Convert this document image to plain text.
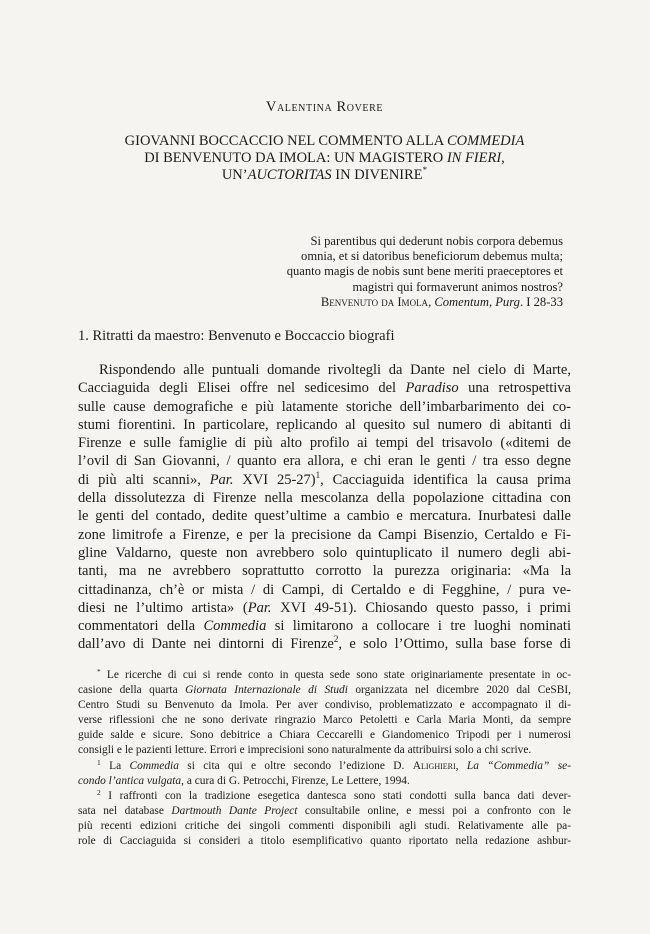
Valentina Rovere
GIOVANNI BOCCACCIO NEL COMMENTO ALLA COMMEDIA
DI BENVENUTO DA IMOLA: UN MAGISTERO IN FIERI,
UN’AUCTORITAS IN DIVENIRE*
Si parentibus qui dederunt nobis corpora debemus
omnia, et si datoribus beneficiorum debemus multa;
quanto magis de nobis sunt bene meriti praeceptores et
magistri qui formaverunt animos nostros?
Benvenuto da Imola, Comentum, Purg. I 28-33
1. Ritratti da maestro: Benvenuto e Boccaccio biografi
Rispondendo alle puntuali domande rivoltegli da Dante nel cielo di Marte,
Cacciaguida degli Elisei offre nel sedicesimo del Paradiso una retrospettiva
sulle cause demografiche e più latamente storiche dell’imbarbarimento dei co-
stumi fiorentini. In particolare, replicando al quesito sul numero di abitanti di
Firenze e sulle famiglie di più alto profilo ai tempi del trisavolo («ditemi de
l’ovil di San Giovanni, / quanto era allora, e chi eran le genti / tra esso degne
di più alti scanni», Par. XVI 25-27)$^1$, Cacciaguida identifica la causa prima
della dissolutezza di Firenze nella mescolanza della popolazione cittadina con
le genti del contado, dedite quest’ultime a cambio e mercatura. Inurbatesi dalle
zone limitrofe a Firenze, e per la precisione da Campi Bisenzio, Certaldo e Fi-
gline Valdarno, queste non avrebbero solo quintuplicato il numero degli abi-
tanti, ma ne avrebbero soprattutto corrotto la purezza originaria: «Ma la
cittadinanza, ch’è or mista / di Campi, di Certaldo e di Fegghine, / pura ve-
diesi ne l’ultimo artista» (Par. XVI 49-51). Chiosando questo passo, i primi
commentatori della Commedia si limitarono a collocare i tre luoghi nominati
dall’avo di Dante nei dintorni di Firenze$^2$, e solo l’Ottimo, sulla base forse di
* Le ricerche di cui si rende conto in questa sede sono state originariamente presentate in oc-
casione della quarta Giornata Internazionale di Studi organizzata nel dicembre 2020 dal CeSBI,
Centro Studi su Benvenuto da Imola. Per aver condiviso, problematizzato e accompagnato il di-
verse riflessioni che ne sono derivate ringrazio Marco Petoletti e Carla Maria Monti, da sempre
guide salde e sicure. Sono debitrice a Chiara Ceccarelli e Giandomenico Tripodi per i numerosi
consigli e le pazienti letture. Errori e imprecisioni sono naturalmente da attribuirsi solo a chi scrive.
$^1$ La Commedia si cita qui e oltre secondo l’edizione D. Alighieri, La “Commedia” se-
condo l’antica vulgata, a cura di G. Petrocchi, Firenze, Le Lettere, 1994.
$^2$ I raffronti con la tradizione esegetica dantesca sono stati condotti sulla banca dati dever-
sata nel database Dartmouth Dante Project consultabile online, e messi poi a confronto con le
più recenti edizioni critiche dei singoli commenti disponibili agli studi. Relativamente alle pa-
role di Cacciaguida si consideri a titolo esemplificativo quanto riportato nella redazione ashbur-
